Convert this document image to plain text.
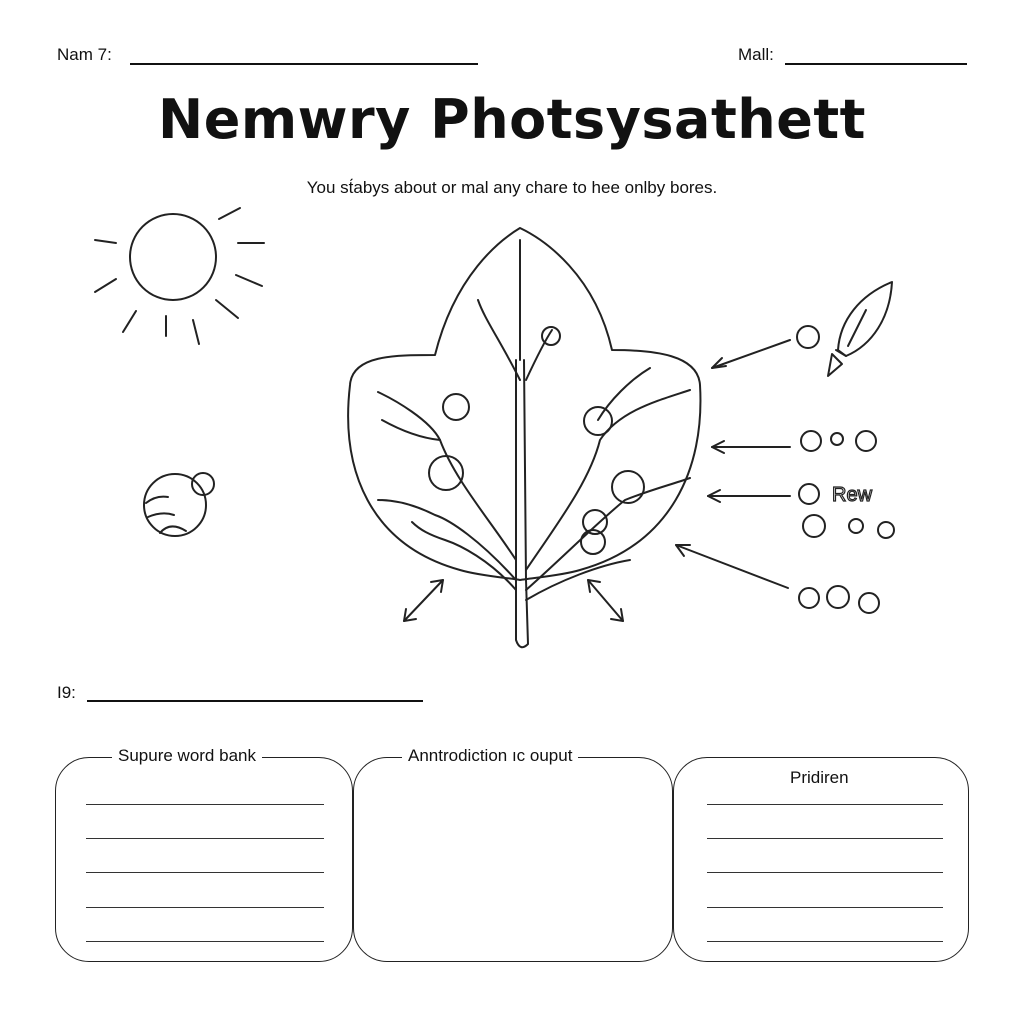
Nam 7:	Mall:
Nemwry Photsysathett
You st́abys about or mal any chare to hee onlby bores.
Rew
I9:
Supure word bank	Anntrodiction ıc ouput
Pridiren
